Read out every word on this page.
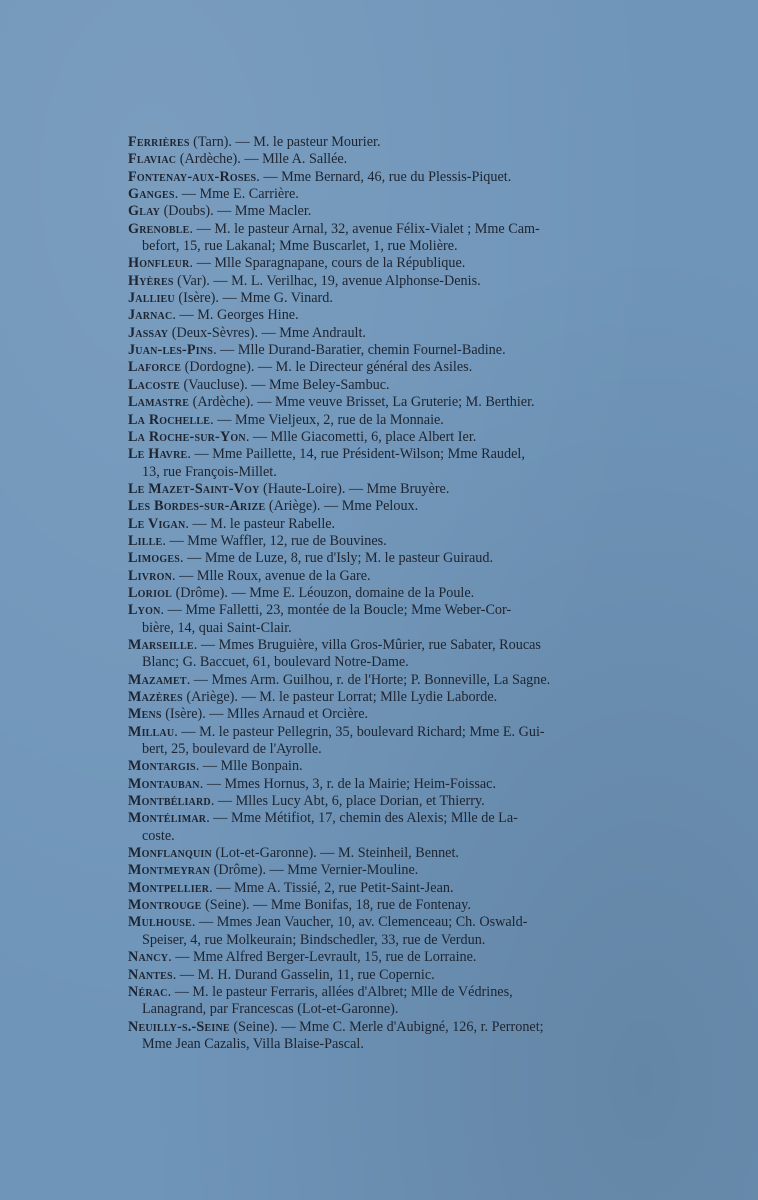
Ferrières (Tarn). — M. le pasteur Mourier.
Flaviac (Ardèche). — Mlle A. Sallée.
Fontenay-aux-Roses. — Mme Bernard, 46, rue du Plessis-Piquet.
Ganges. — Mme E. Carrière.
Glay (Doubs). — Mme Macler.
Grenoble. — M. le pasteur Arnal, 32, avenue Félix-Vialet ; Mme Cam-
befort, 15, rue Lakanal; Mme Buscarlet, 1, rue Molière.
Honfleur. — Mlle Sparagnapane, cours de la République.
Hyères (Var). — M. L. Verilhac, 19, avenue Alphonse-Denis.
Jallieu (Isère). — Mme G. Vinard.
Jarnac. — M. Georges Hine.
Jassay (Deux-Sèvres). — Mme Andrault.
Juan-les-Pins. — Mlle Durand-Baratier, chemin Fournel-Badine.
Laforce (Dordogne). — M. le Directeur général des Asiles.
Lacoste (Vaucluse). — Mme Beley-Sambuc.
Lamastre (Ardèche). — Mme veuve Brisset, La Gruterie; M. Berthier.
La Rochelle. — Mme Vieljeux, 2, rue de la Monnaie.
La Roche-sur-Yon. — Mlle Giacometti, 6, place Albert Ier.
Le Havre. — Mme Paillette, 14, rue Président-Wilson; Mme Raudel,
13, rue François-Millet.
Le Mazet-Saint-Voy (Haute-Loire). — Mme Bruyère.
Les Bordes-sur-Arize (Ariège). — Mme Peloux.
Le Vigan. — M. le pasteur Rabelle.
Lille. — Mme Waffler, 12, rue de Bouvines.
Limoges. — Mme de Luze, 8, rue d'Isly; M. le pasteur Guiraud.
Livron. — Mlle Roux, avenue de la Gare.
Loriol (Drôme). — Mme E. Léouzon, domaine de la Poule.
Lyon. — Mme Falletti, 23, montée de la Boucle; Mme Weber-Cor-
bière, 14, quai Saint-Clair.
Marseille. — Mmes Bruguière, villa Gros-Mûrier, rue Sabater, Roucas
Blanc; G. Baccuet, 61, boulevard Notre-Dame.
Mazamet. — Mmes Arm. Guilhou, r. de l'Horte; P. Bonneville, La Sagne.
Mazères (Ariège). — M. le pasteur Lorrat; Mlle Lydie Laborde.
Mens (Isère). — Mlles Arnaud et Orcière.
Millau. — M. le pasteur Pellegrin, 35, boulevard Richard; Mme E. Gui-
bert, 25, boulevard de l'Ayrolle.
Montargis. — Mlle Bonpain.
Montauban. — Mmes Hornus, 3, r. de la Mairie; Heim-Foissac.
Montbéliard. — Mlles Lucy Abt, 6, place Dorian, et Thierry.
Montélimar. — Mme Métifiot, 17, chemin des Alexis; Mlle de La-
coste.
Monflanquin (Lot-et-Garonne). — M. Steinheil, Bennet.
Montmeyran (Drôme). — Mme Vernier-Mouline.
Montpellier. — Mme A. Tissié, 2, rue Petit-Saint-Jean.
Montrouge (Seine). — Mme Bonifas, 18, rue de Fontenay.
Mulhouse. — Mmes Jean Vaucher, 10, av. Clemenceau; Ch. Oswald-
Speiser, 4, rue Molkeurain; Bindschedler, 33, rue de Verdun.
Nancy. — Mme Alfred Berger-Levrault, 15, rue de Lorraine.
Nantes. — M. H. Durand Gasselin, 11, rue Copernic.
Nérac. — M. le pasteur Ferraris, allées d'Albret; Mlle de Védrines,
Lanagrand, par Francescas (Lot-et-Garonne).
Neuilly-s.-Seine (Seine). — Mme C. Merle d'Aubigné, 126, r. Perronet;
Mme Jean Cazalis, Villa Blaise-Pascal.
